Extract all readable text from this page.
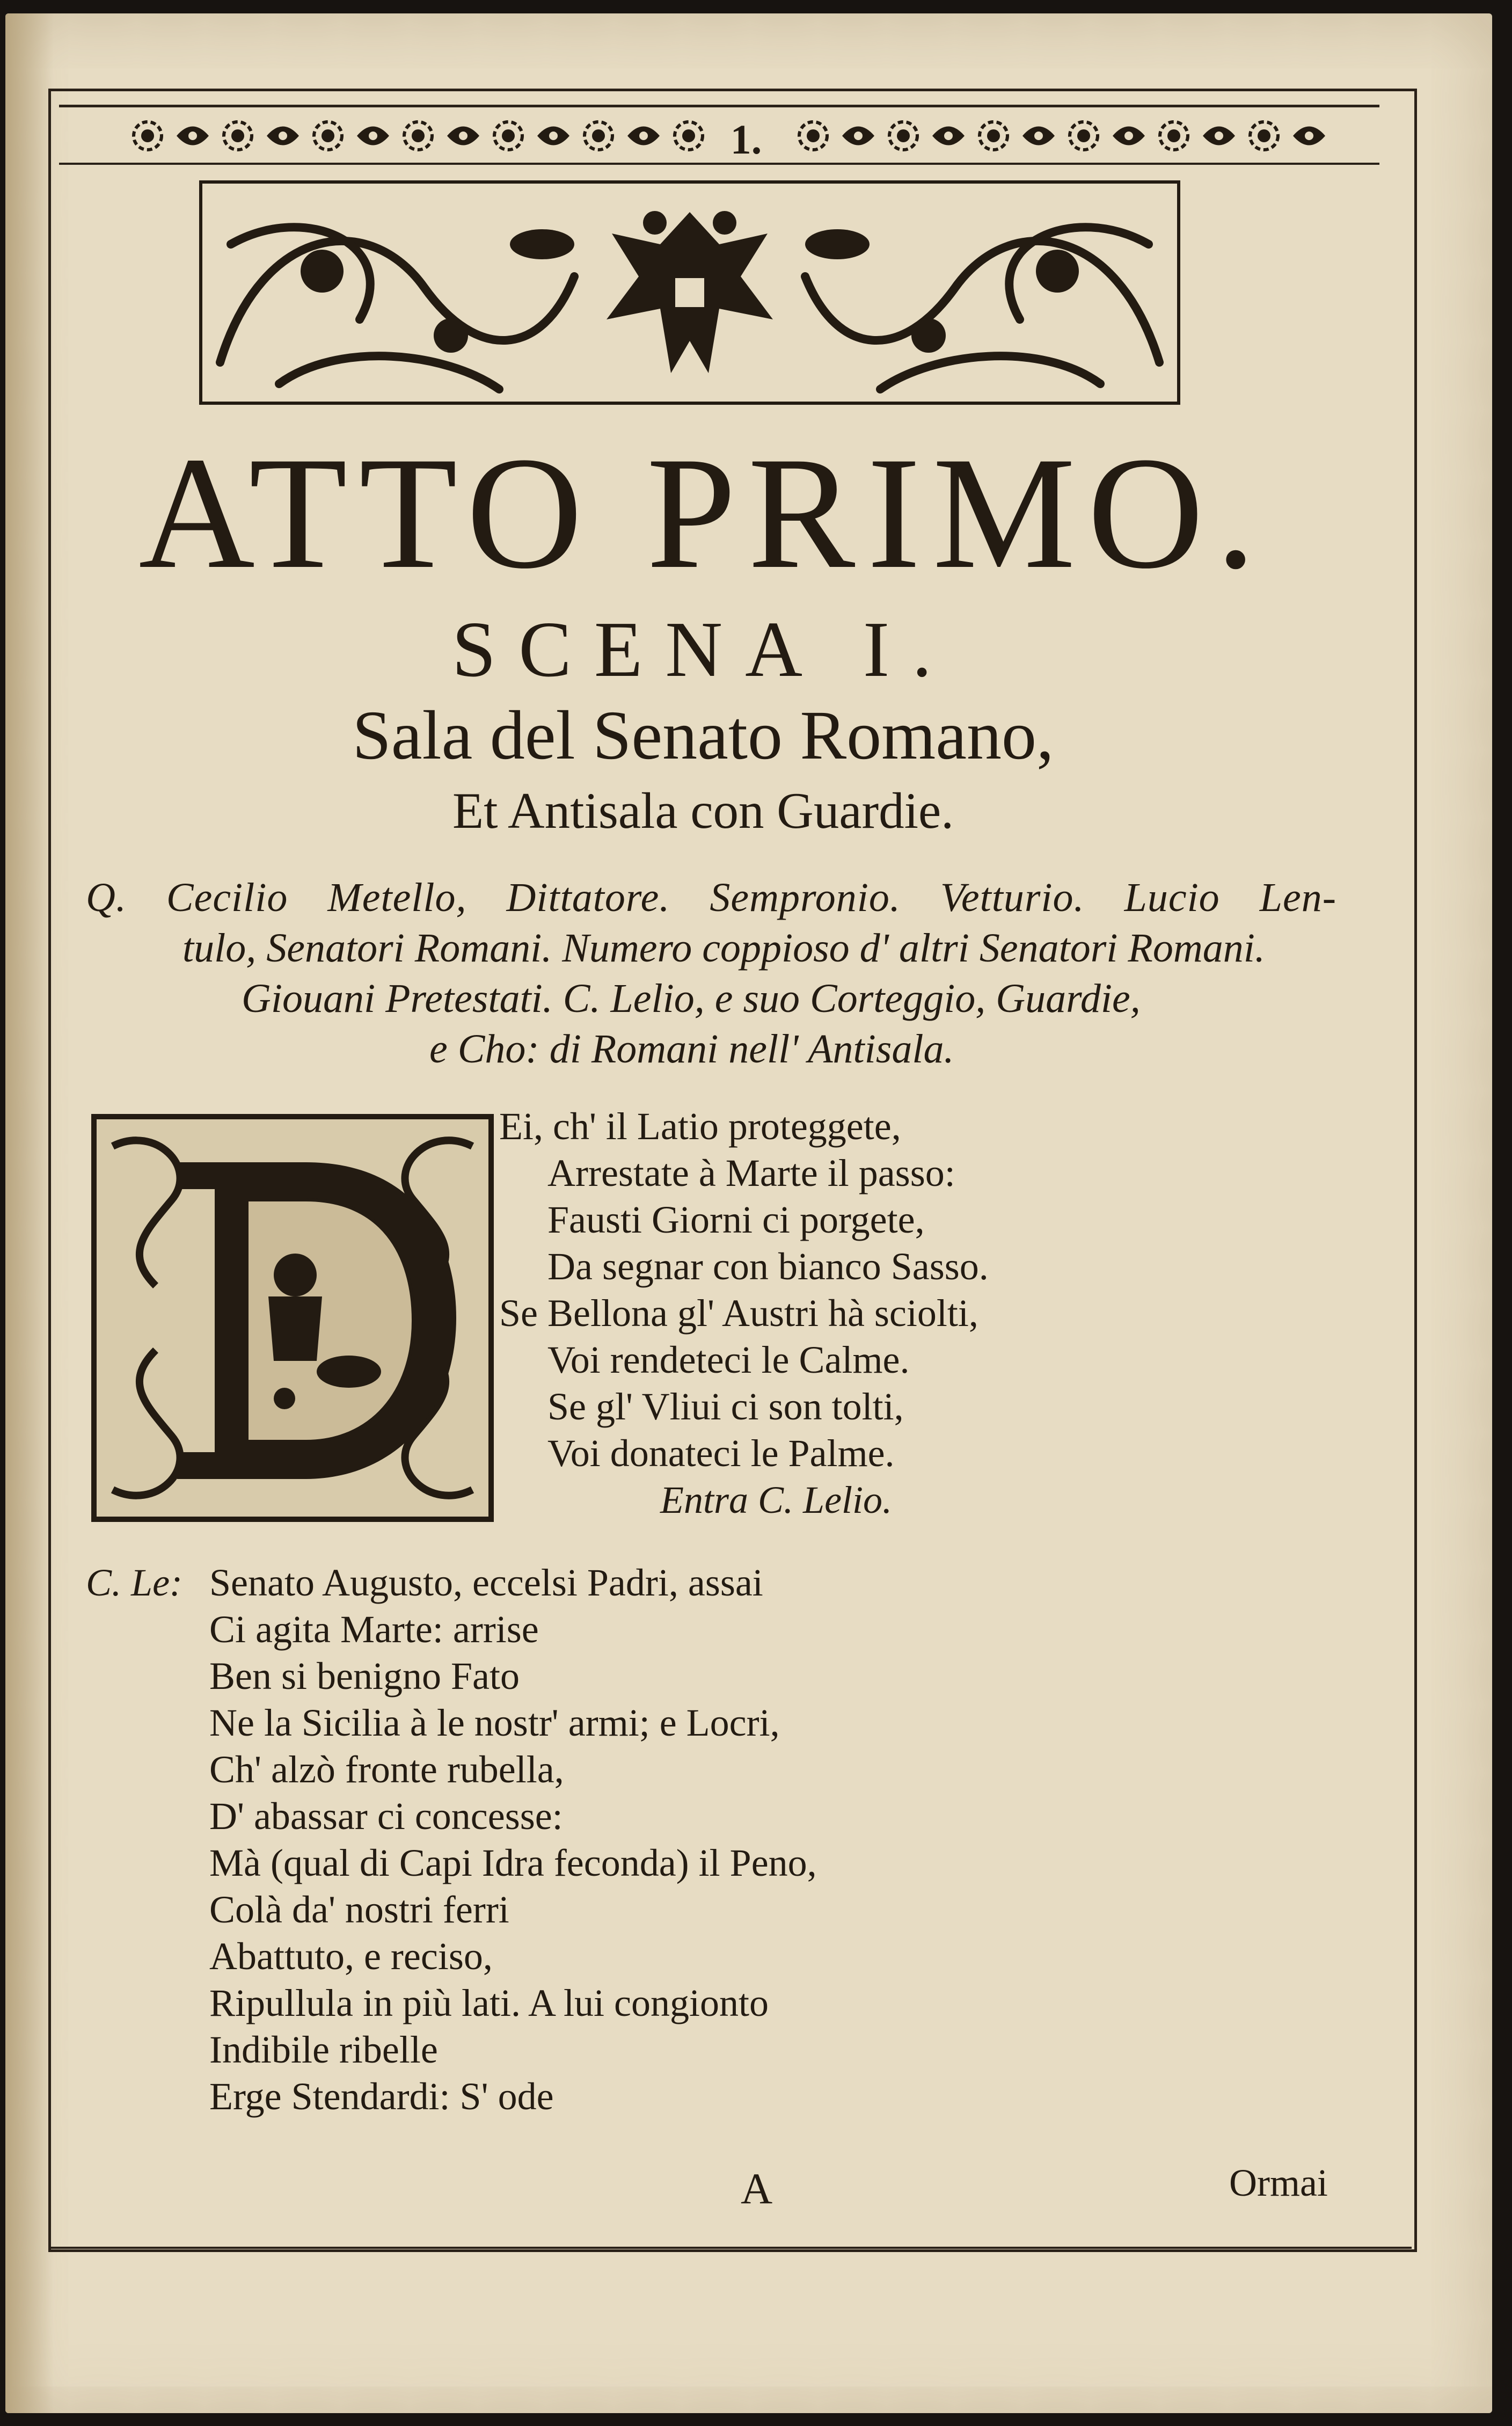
1.
ATTO PRIMO.
SCENA I.
Sala del Senato Romano,
Et Antisala con Guardie.
Q. Cecilio Metello, Dittatore. Sempronio. Vetturio. Lucio Len-
tulo, Senatori Romani. Numero coppioso d' altri Senatori Romani.
Giouani Pretestati. C. Lelio, e suo Corteggio, Guardie,
e Cho: di Romani nell' Antisala.
Ei, ch' il Latio proteggete,
Arrestate à Marte il passo:
Fausti Giorni ci porgete,
Da segnar con bianco Sasso.
Se Bellona gl' Austri hà sciolti,
Voi rendeteci le Calme.
Se gl' Vliui ci son tolti,
Voi donateci le Palme.
Entra C. Lelio.
C. Le: Senato Augusto, eccelsi Padri, assai
Ci agita Marte: arrise
Ben si benigno Fato
Ne la Sicilia à le nostr' armi; e Locri,
Ch' alzò fronte rubella,
D' abassar ci concesse:
Mà (qual di Capi Idra feconda) il Peno,
Colà da' nostri ferri
Abattuto, e reciso,
Ripullula in più lati. A lui congionto
Indibile ribelle
Erge Stendardi: S' ode
A	Ormai
